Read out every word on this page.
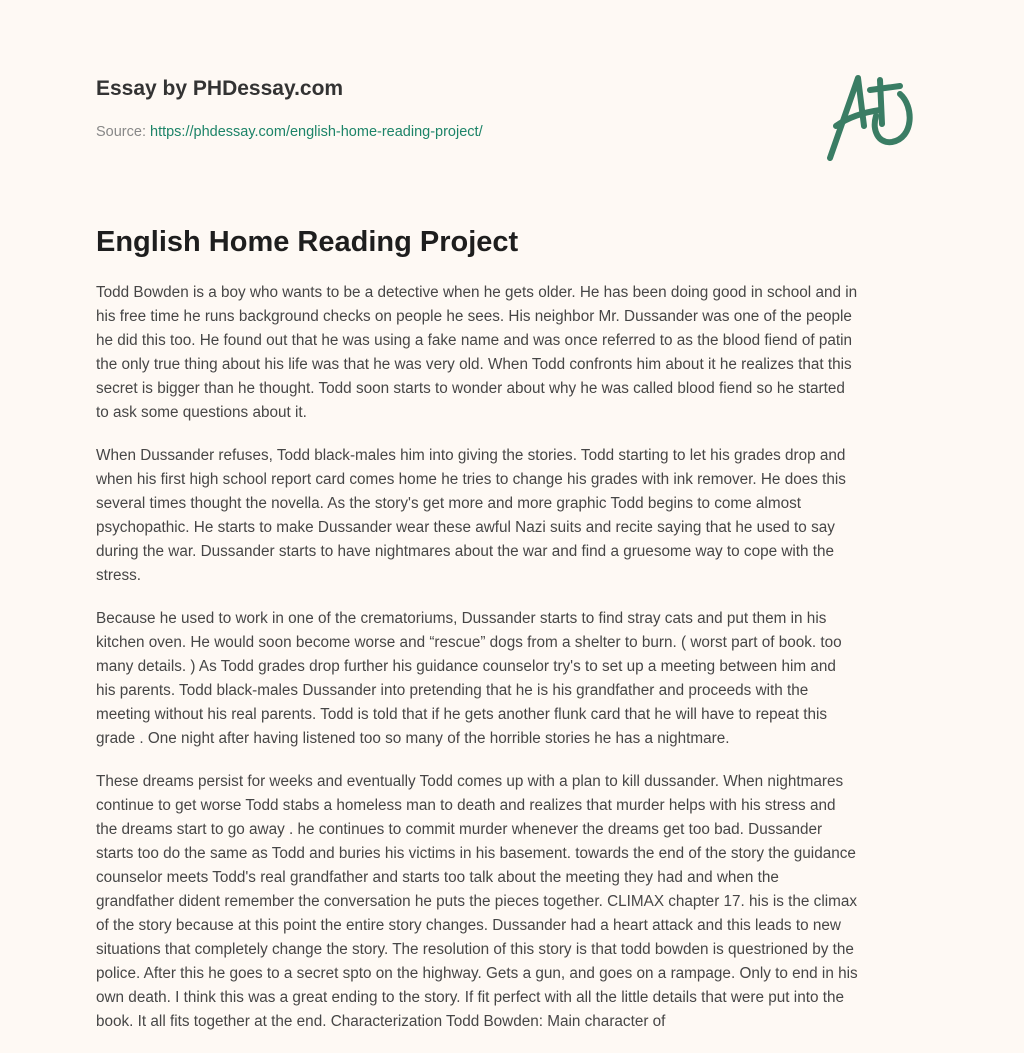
Essay by PHDessay.com
Source: https://phdessay.com/english-home-reading-project/
English Home Reading Project

Todd Bowden is a boy who wants to be a detective when he gets older. He has been doing good in school and in
his free time he runs background checks on people he sees. His neighbor Mr. Dussander was one of the people
he did this too. He found out that he was using a fake name and was once referred to as the blood fiend of patin
the only true thing about his life was that he was very old. When Todd confronts him about it he realizes that this
secret is bigger than he thought. Todd soon starts to wonder about why he was called blood fiend so he started
to ask some questions about it.

When Dussander refuses, Todd black-males him into giving the stories. Todd starting to let his grades drop and
when his first high school report card comes home he tries to change his grades with ink remover. He does this
several times thought the novella. As the story's get more and more graphic Todd begins to come almost
psychopathic. He starts to make Dussander wear these awful Nazi suits and recite saying that he used to say
during the war. Dussander starts to have nightmares about the war and find a gruesome way to cope with the
stress.

Because he used to work in one of the crematoriums, Dussander starts to find stray cats and put them in his
kitchen oven. He would soon become worse and “rescue” dogs from a shelter to burn. ( worst part of book. too
many details. ) As Todd grades drop further his guidance counselor try's to set up a meeting between him and
his parents. Todd black-males Dussander into pretending that he is his grandfather and proceeds with the
meeting without his real parents. Todd is told that if he gets another flunk card that he will have to repeat this
grade . One night after having listened too so many of the horrible stories he has a nightmare.

These dreams persist for weeks and eventually Todd comes up with a plan to kill dussander. When nightmares
continue to get worse Todd stabs a homeless man to death and realizes that murder helps with his stress and
the dreams start to go away . he continues to commit murder whenever the dreams get too bad. Dussander
starts too do the same as Todd and buries his victims in his basement. towards the end of the story the guidance
counselor meets Todd's real grandfather and starts too talk about the meeting they had and when the
grandfather dident remember the conversation he puts the pieces together. CLIMAX chapter 17. his is the climax
of the story because at this point the entire story changes. Dussander had a heart attack and this leads to new
situations that completely change the story. The resolution of this story is that todd bowden is questrioned by the
police. After this he goes to a secret spto on the highway. Gets a gun, and goes on a rampage. Only to end in his
own death. I think this was a great ending to the story. If fit perfect with all the little details that were put into the
book. It all fits together at the end. Characterization Todd Bowden: Main character of
